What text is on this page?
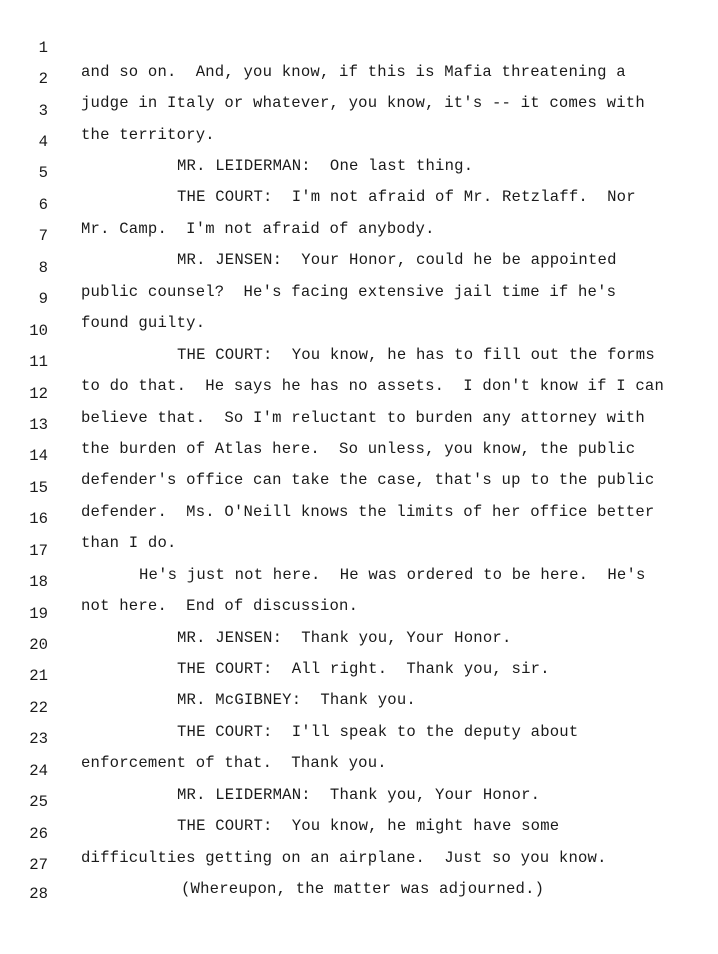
1

and so on.  And, you know, if this is Mafia threatening a

2

judge in Italy or whatever, you know, it's -- it comes with

3

the territory.

4

MR. LEIDERMAN:  One last thing.

5

THE COURT:  I'm not afraid of Mr. Retzlaff.  Nor

6

Mr. Camp.  I'm not afraid of anybody.

7

MR. JENSEN:  Your Honor, could he be appointed

8

public counsel?  He's facing extensive jail time if he's

9

found guilty.

10

THE COURT:  You know, he has to fill out the forms

11

to do that.  He says he has no assets.  I don't know if I can

12

believe that.  So I'm reluctant to burden any attorney with

13

the burden of Atlas here.  So unless, you know, the public

14

defender's office can take the case, that's up to the public

15

defender.  Ms. O'Neill knows the limits of her office better

16

than I do.

17

He's just not here.  He was ordered to be here.  He's

18

not here.  End of discussion.

19

MR. JENSEN:  Thank you, Your Honor.

20

THE COURT:  All right.  Thank you, sir.

21

MR. McGIBNEY:  Thank you.

22

THE COURT:  I'll speak to the deputy about

23

enforcement of that.  Thank you.

24

MR. LEIDERMAN:  Thank you, Your Honor.

25

THE COURT:  You know, he might have some

26

difficulties getting on an airplane.  Just so you know.

27

(Whereupon, the matter was adjourned.)

28
